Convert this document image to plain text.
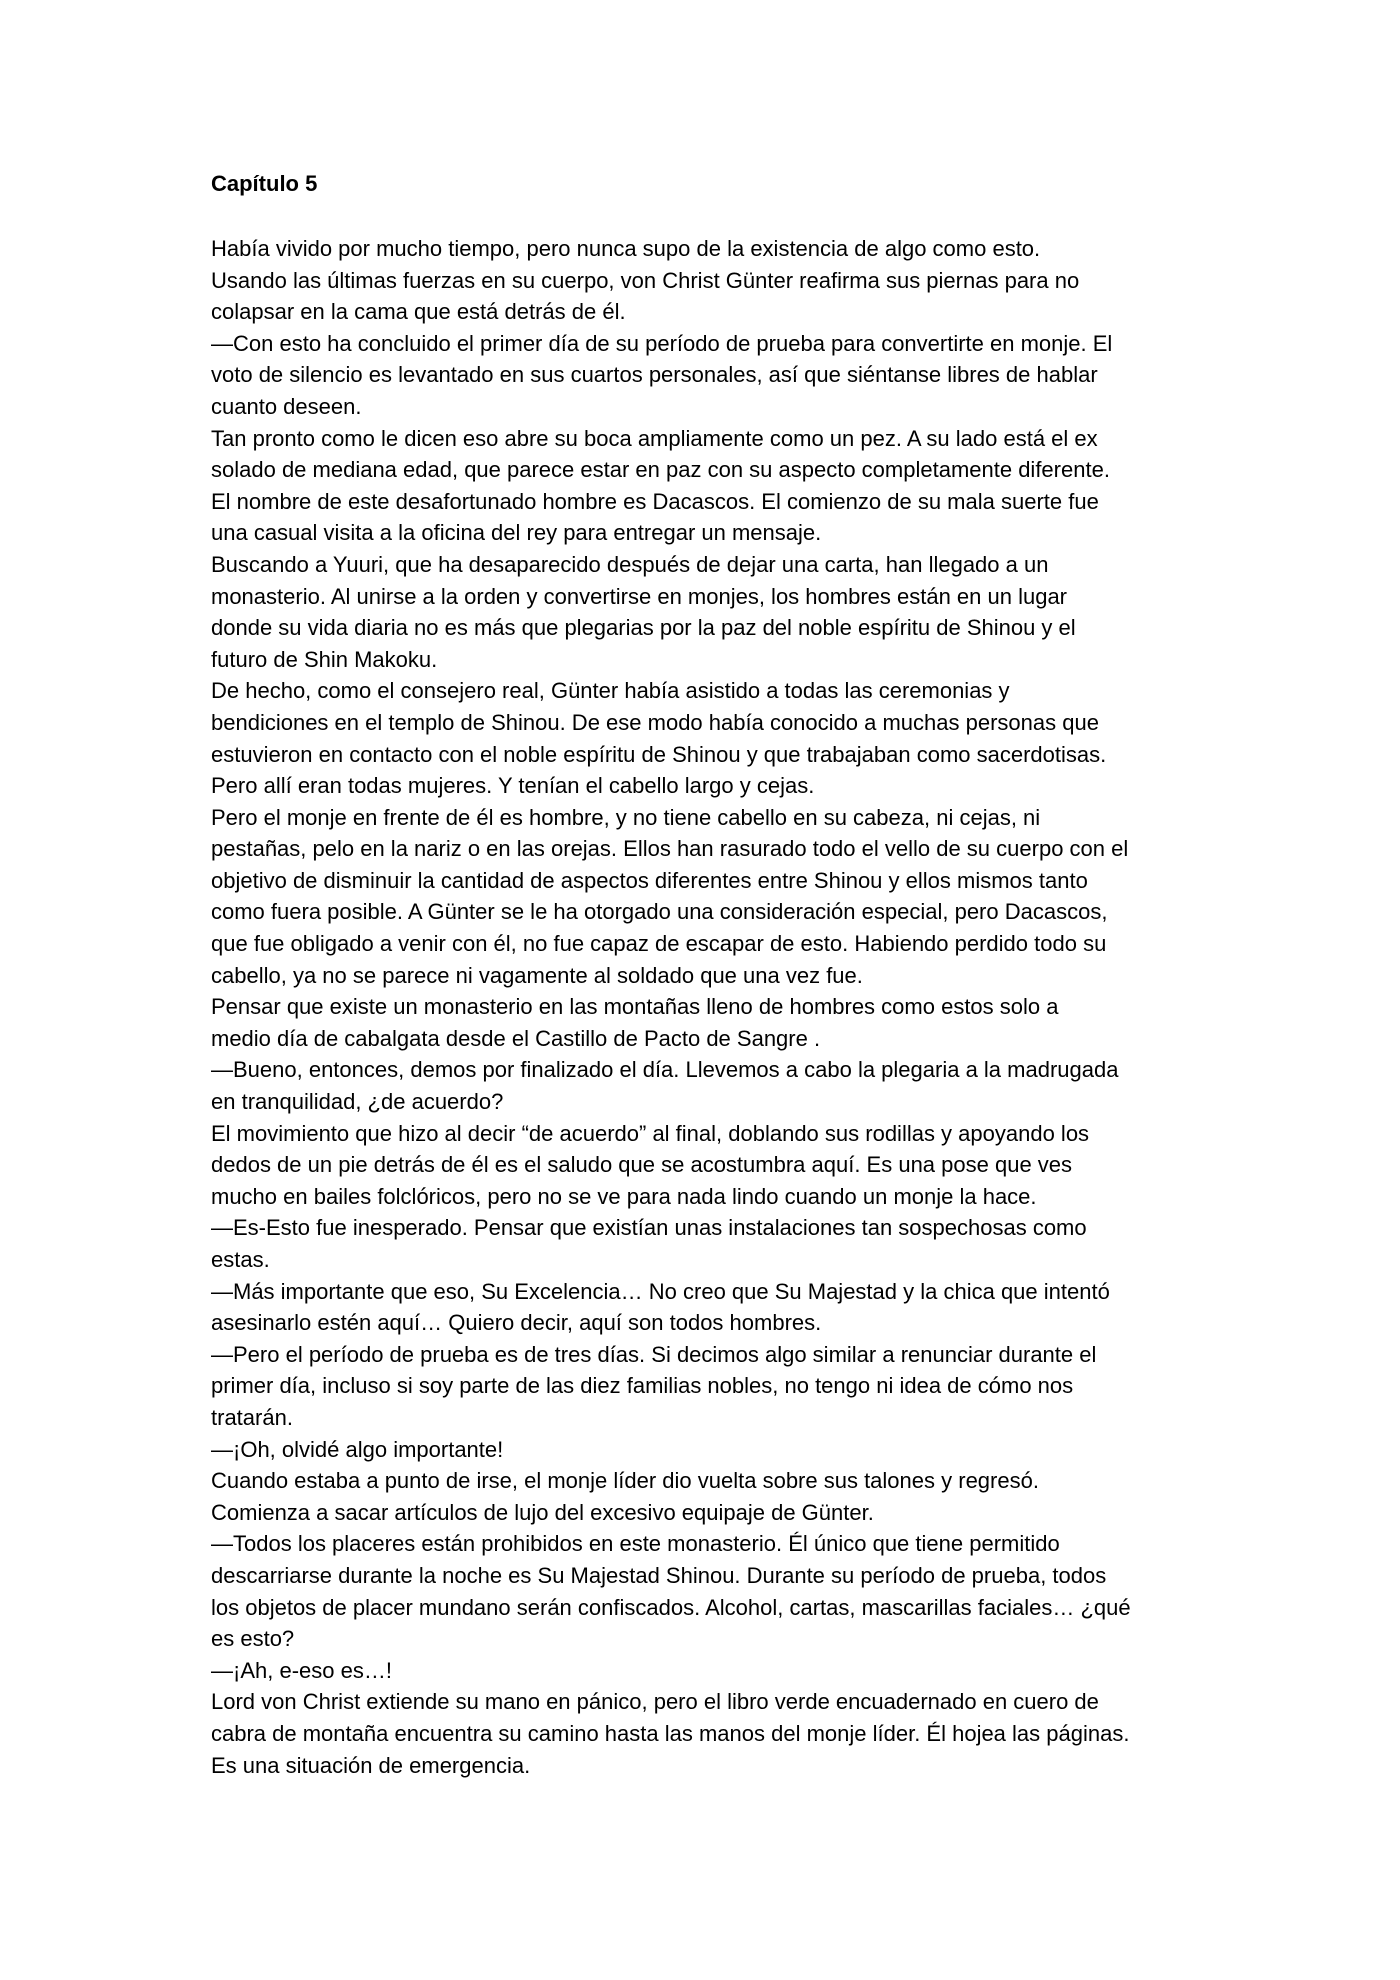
Capítulo 5
Había vivido por mucho tiempo, pero nunca supo de la existencia de algo como esto.
Usando las últimas fuerzas en su cuerpo, von Christ Günter reafirma sus piernas para no
colapsar en la cama que está detrás de él.
—Con esto ha concluido el primer día de su período de prueba para convertirte en monje. El
voto de silencio es levantado en sus cuartos personales, así que siéntanse libres de hablar
cuanto deseen.
Tan pronto como le dicen eso abre su boca ampliamente como un pez. A su lado está el ex
solado de mediana edad, que parece estar en paz con su aspecto completamente diferente.
El nombre de este desafortunado hombre es Dacascos. El comienzo de su mala suerte fue
una casual visita a la oficina del rey para entregar un mensaje.
Buscando a Yuuri, que ha desaparecido después de dejar una carta, han llegado a un
monasterio. Al unirse a la orden y convertirse en monjes, los hombres están en un lugar
donde su vida diaria no es más que plegarias por la paz del noble espíritu de Shinou y el
futuro de Shin Makoku.
De hecho, como el consejero real, Günter había asistido a todas las ceremonias y
bendiciones en el templo de Shinou. De ese modo había conocido a muchas personas que
estuvieron en contacto con el noble espíritu de Shinou y que trabajaban como sacerdotisas.
Pero allí eran todas mujeres. Y tenían el cabello largo y cejas.
Pero el monje en frente de él es hombre, y no tiene cabello en su cabeza, ni cejas, ni
pestañas, pelo en la nariz o en las orejas. Ellos han rasurado todo el vello de su cuerpo con el
objetivo de disminuir la cantidad de aspectos diferentes entre Shinou y ellos mismos tanto
como fuera posible. A Günter se le ha otorgado una consideración especial, pero Dacascos,
que fue obligado a venir con él, no fue capaz de escapar de esto. Habiendo perdido todo su
cabello, ya no se parece ni vagamente al soldado que una vez fue.
Pensar que existe un monasterio en las montañas lleno de hombres como estos solo a
medio día de cabalgata desde el Castillo de Pacto de Sangre .
—Bueno, entonces, demos por finalizado el día. Llevemos a cabo la plegaria a la madrugada
en tranquilidad, ¿de acuerdo?
El movimiento que hizo al decir “de acuerdo” al final, doblando sus rodillas y apoyando los
dedos de un pie detrás de él es el saludo que se acostumbra aquí. Es una pose que ves
mucho en bailes folclóricos, pero no se ve para nada lindo cuando un monje la hace.
—Es-Esto fue inesperado. Pensar que existían unas instalaciones tan sospechosas como
estas.
—Más importante que eso, Su Excelencia… No creo que Su Majestad y la chica que intentó
asesinarlo estén aquí… Quiero decir, aquí son todos hombres.
—Pero el período de prueba es de tres días. Si decimos algo similar a renunciar durante el
primer día, incluso si soy parte de las diez familias nobles, no tengo ni idea de cómo nos
tratarán.
—¡Oh, olvidé algo importante!
Cuando estaba a punto de irse, el monje líder dio vuelta sobre sus talones y regresó.
Comienza a sacar artículos de lujo del excesivo equipaje de Günter.
—Todos los placeres están prohibidos en este monasterio. Él único que tiene permitido
descarriarse durante la noche es Su Majestad Shinou. Durante su período de prueba, todos
los objetos de placer mundano serán confiscados. Alcohol, cartas, mascarillas faciales… ¿qué
es esto?
—¡Ah, e-eso es…!
Lord von Christ extiende su mano en pánico, pero el libro verde encuadernado en cuero de
cabra de montaña encuentra su camino hasta las manos del monje líder. Él hojea las páginas.
Es una situación de emergencia.
